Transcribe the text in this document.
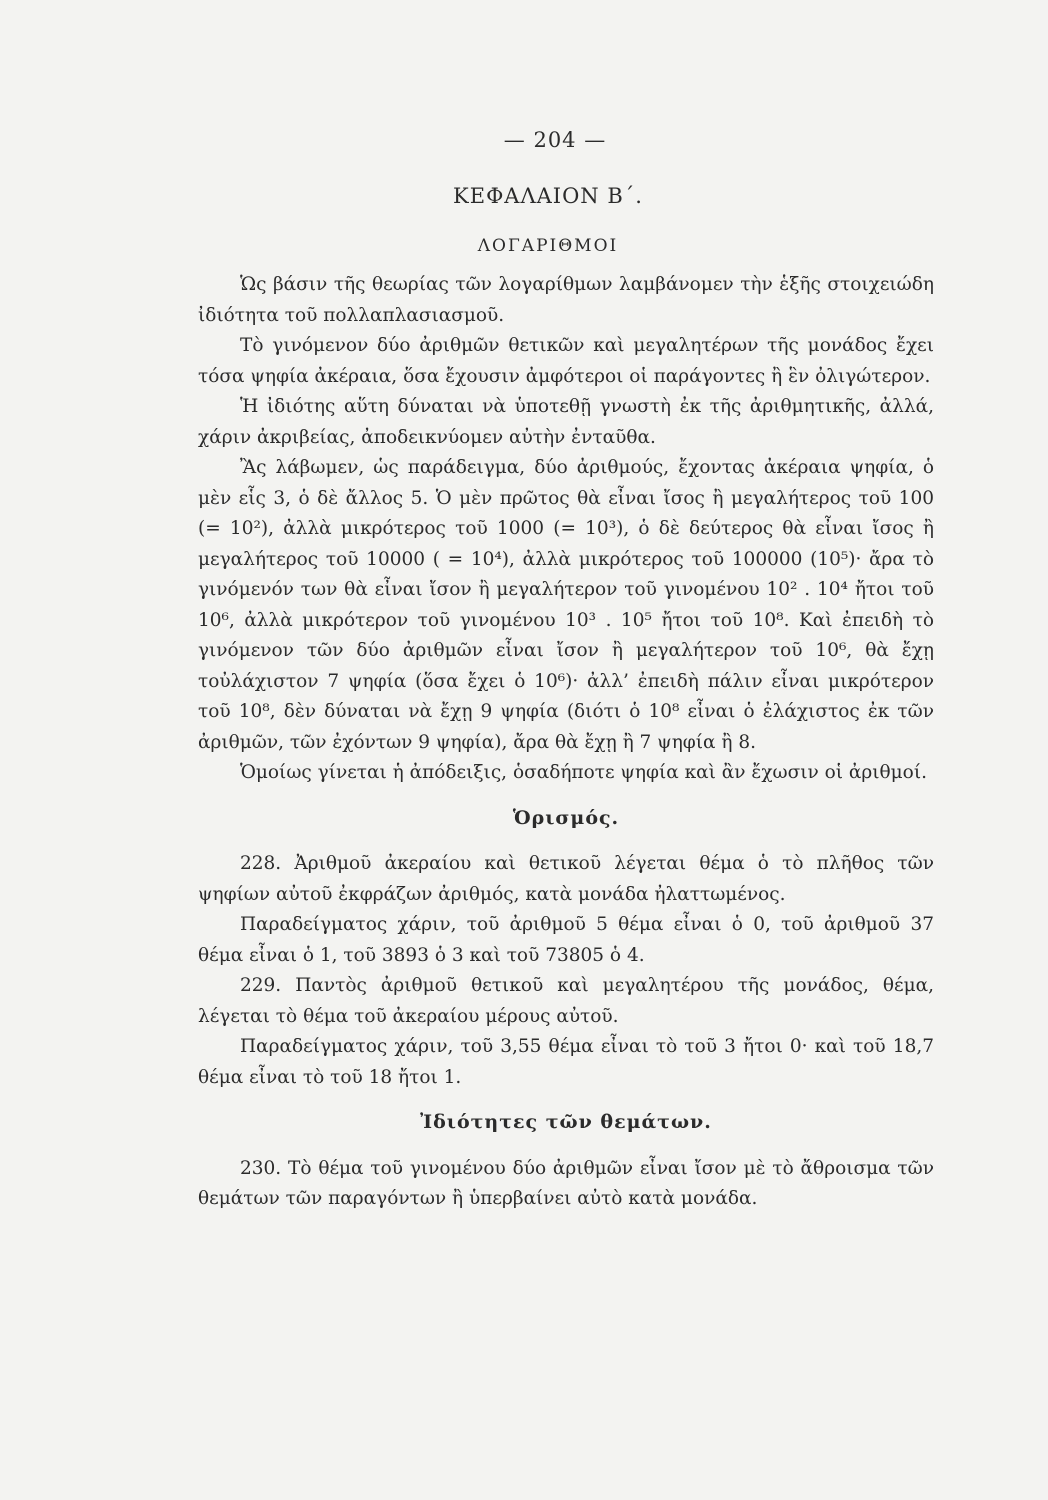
— 204 —
ΚΕΦΑΛΑΙΟΝ Β΄.
ΛΟΓΑΡΙΘΜΟΙ

Ὡς βάσιν τῆς θεωρίας τῶν λογαρίθμων λαμβάνομεν τὴν ἑξῆς στοιχειώδη ἰδιότητα τοῦ πολλαπλασιασμοῦ.

Τὸ γινόμενον δύο ἀριθμῶν θετικῶν καὶ μεγαλητέρων τῆς μονάδος ἔχει τόσα ψηφία ἀκέραια, ὅσα ἔχουσιν ἀμφότεροι οἱ παράγοντες ἢ ἓν ὀλιγώτερον.

Ἡ ἰδιότης αὕτη δύναται νὰ ὑποτεθῇ γνωστὴ ἐκ τῆς ἀριθμητικῆς, ἀλλά, χάριν ἀκριβείας, ἀποδεικνύομεν αὐτὴν ἐνταῦθα.

Ἂς λάβωμεν, ὡς παράδειγμα, δύο ἀριθμούς, ἔχοντας ἀκέραια ψηφία, ὁ μὲν εἷς 3, ὁ δὲ ἄλλος 5. Ὁ μὲν πρῶτος θὰ εἶναι ἴσος ἢ μεγαλήτερος τοῦ 100 (= 10²), ἀλλὰ μικρότερος τοῦ 1000 (= 10³), ὁ δὲ δεύτερος θὰ εἶναι ἴσος ἢ μεγαλήτερος τοῦ 10000 ( = 10⁴), ἀλλὰ μικρότερος τοῦ 100000 (10⁵)· ἄρα τὸ γινόμενόν των θὰ εἶναι ἴσον ἢ μεγαλήτερον τοῦ γινομένου 10² . 10⁴ ἤτοι τοῦ 10⁶, ἀλλὰ μικρότερον τοῦ γινομένου 10³ . 10⁵ ἤτοι τοῦ 10⁸. Καὶ ἐπειδὴ τὸ γινόμενον τῶν δύο ἀριθμῶν εἶναι ἴσον ἢ μεγαλήτερον τοῦ 10⁶, θὰ ἔχῃ τοὐλάχιστον 7 ψηφία (ὅσα ἔχει ὁ 10⁶)· ἀλλ’ ἐπειδὴ πάλιν εἶναι μικρότερον τοῦ 10⁸, δὲν δύναται νὰ ἔχῃ 9 ψηφία (διότι ὁ 10⁸ εἶναι ὁ ἐλάχιστος ἐκ τῶν ἀριθμῶν, τῶν ἐχόντων 9 ψηφία), ἄρα θὰ ἔχῃ ἢ 7 ψηφία ἢ 8.

Ὁμοίως γίνεται ἡ ἀπόδειξις, ὁσαδήποτε ψηφία καὶ ἂν ἔχωσιν οἱ ἀριθμοί.

Ὁρισμός.

228. Ἀριθμοῦ ἀκεραίου καὶ θετικοῦ λέγεται θέμα ὁ τὸ πλῆθος τῶν ψηφίων αὐτοῦ ἐκφράζων ἀριθμός, κατὰ μονάδα ἠλαττωμένος.

Παραδείγματος χάριν, τοῦ ἀριθμοῦ 5 θέμα εἶναι ὁ 0, τοῦ ἀριθμοῦ 37 θέμα εἶναι ὁ 1, τοῦ 3893 ὁ 3 καὶ τοῦ 73805 ὁ 4.

229. Παντὸς ἀριθμοῦ θετικοῦ καὶ μεγαλητέρου τῆς μονάδος, θέμα, λέγεται τὸ θέμα τοῦ ἀκεραίου μέρους αὐτοῦ.

Παραδείγματος χάριν, τοῦ 3,55 θέμα εἶναι τὸ τοῦ 3 ἤτοι 0· καὶ τοῦ 18,7 θέμα εἶναι τὸ τοῦ 18 ἤτοι 1.

Ἰδιότητες τῶν θεμάτων.

230. Τὸ θέμα τοῦ γινομένου δύο ἀριθμῶν εἶναι ἴσον μὲ τὸ ἄθροισμα τῶν θεμάτων τῶν παραγόντων ἢ ὑπερβαίνει αὐτὸ κατὰ μονάδα.
